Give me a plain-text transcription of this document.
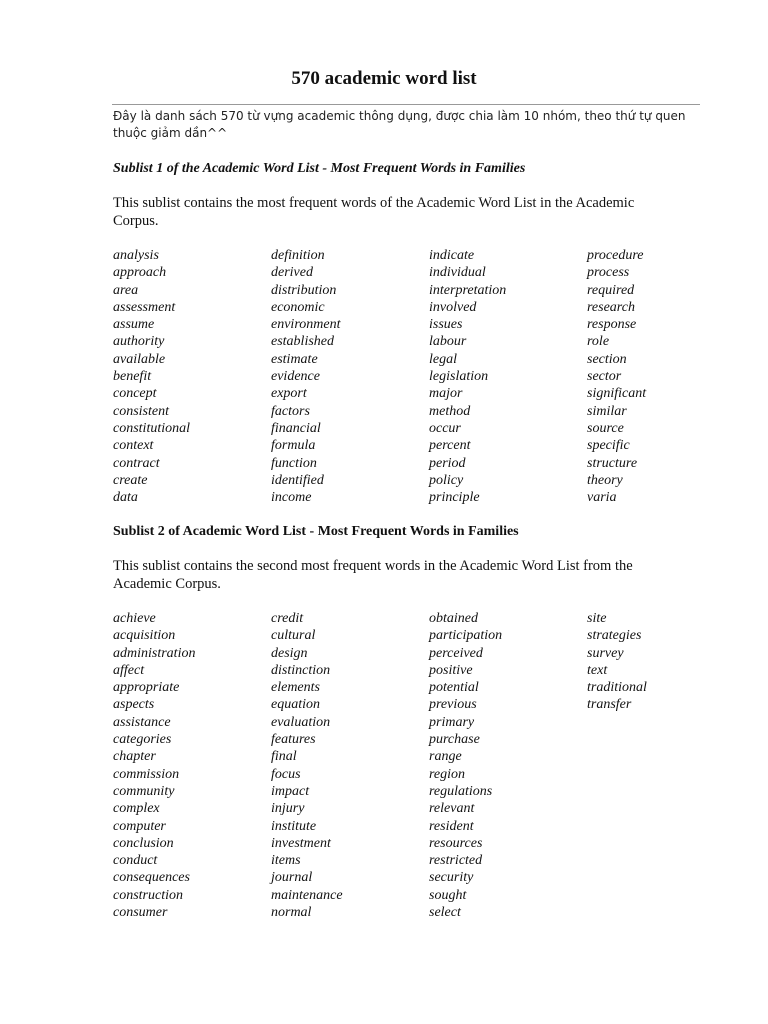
570 academic word list
Đây là danh sách 570 từ vựng academic thông dụng, được chia làm 10 nhóm, theo thứ tự quen thuộc giảm dần^^
Sublist 1 of the Academic Word List - Most Frequent Words in Families
This sublist contains the most frequent words of the Academic Word List in the Academic Corpus.
analysis
approach
area
assessment
assume
authority
available
benefit
concept
consistent
constitutional
context
contract
create
data
definition
derived
distribution
economic
environment
established
estimate
evidence
export
factors
financial
formula
function
identified
income
indicate
individual
interpretation
involved
issues
labour
legal
legislation
major
method
occur
percent
period
policy
principle
procedure
process
required
research
response
role
section
sector
significant
similar
source
specific
structure
theory
varia
Sublist 2 of Academic Word List - Most Frequent Words in Families
This sublist contains the second most frequent words in the Academic Word List from the Academic Corpus.
achieve
acquisition
administration
affect
appropriate
aspects
assistance
categories
chapter
commission
community
complex
computer
conclusion
conduct
consequences
construction
consumer
credit
cultural
design
distinction
elements
equation
evaluation
features
final
focus
impact
injury
institute
investment
items
journal
maintenance
normal
obtained
participation
perceived
positive
potential
previous
primary
purchase
range
region
regulations
relevant
resident
resources
restricted
security
sought
select
site
strategies
survey
text
traditional
transfer
